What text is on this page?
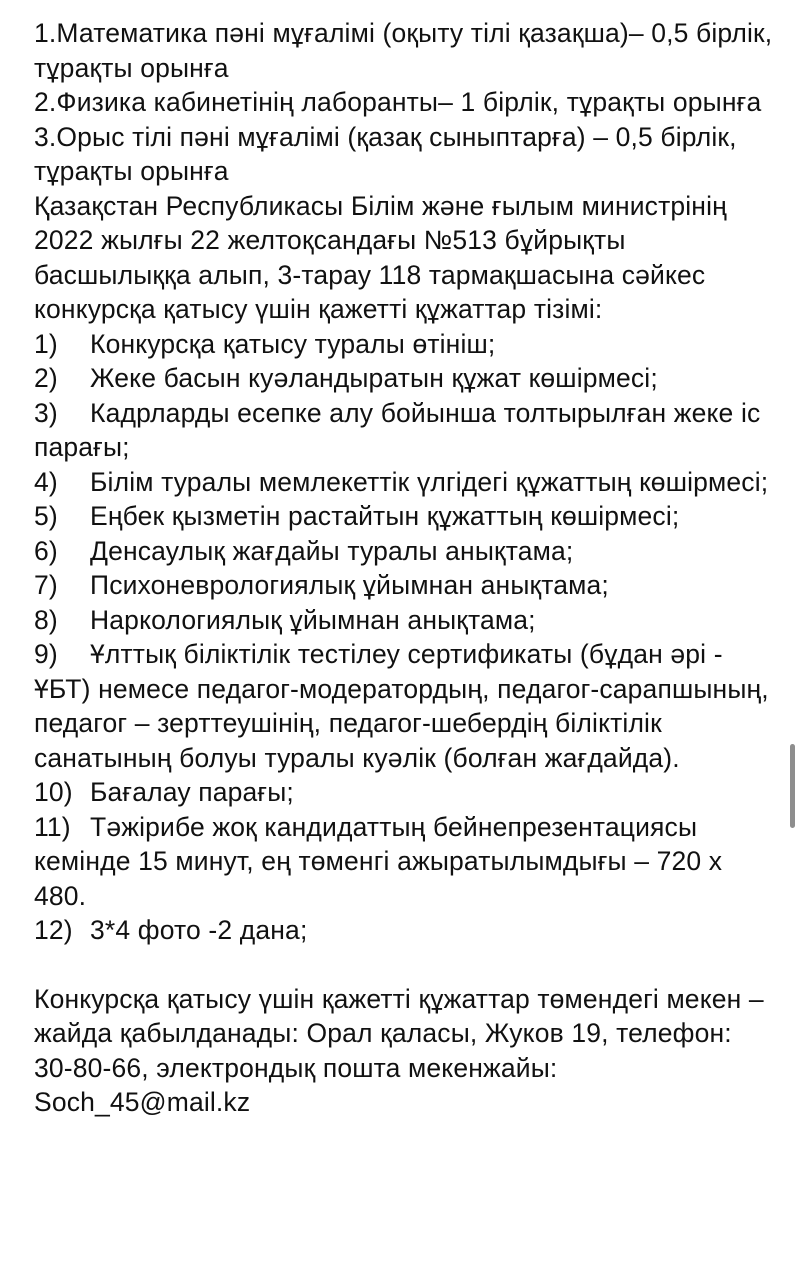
1.Математика пәні мұғалімі (оқыту тілі қазақша)– 0,5 бірлік, тұрақты орынға

2.Физика кабинетінің лаборанты– 1 бірлік, тұрақты орынға

3.Орыс тілі пәні мұғалімі (қазақ сыныптарға) – 0,5 бірлік, тұрақты орынға

Қазақстан Республикасы Білім және ғылым министрінің 2022 жылғы 22 желтоқсандағы №513 бұйрықты басшылыққа алып, 3-тарау 118 тармақшасына сәйкес конкурсқа қатысу үшін қажетті құжаттар тізімі:

1) Конкурсқа қатысу туралы өтініш;
2) Жеке басын куәландыратын құжат көшірмесі;
3) Кадрларды есепке алу бойынша толтырылған жеке іс парағы;
4) Білім туралы мемлекеттік үлгідегі құжаттың көшірмесі;
5) Еңбек қызметін растайтын құжаттың көшірмесі;
6) Денсаулық жағдайы туралы анықтама;
7) Психоневрологиялық ұйымнан анықтама;
8) Наркологиялық ұйымнан анықтама;
9) Ұлттық біліктілік тестілеу сертификаты (бұдан әрі - ҰБТ) немесе педагог-модератордың, педагог-сарапшының, педагог – зерттеушінің, педагог-шебердің біліктілік санатының болуы туралы куәлік (болған жағдайда).
10) Бағалау парағы;
11) Тәжірибе жоқ кандидаттың бейнепрезентациясы кемінде 15 минут, ең төменгі ажыратылымдығы – 720 x 480.
12) 3*4 фото -2 дана;

Конкурсқа қатысу үшін қажетті құжаттар төмендегі мекен – жайда қабылданады: Орал қаласы, Жуков 19, телефон: 30-80-66, электрондық пошта мекенжайы: Soch_45@mail.kz
